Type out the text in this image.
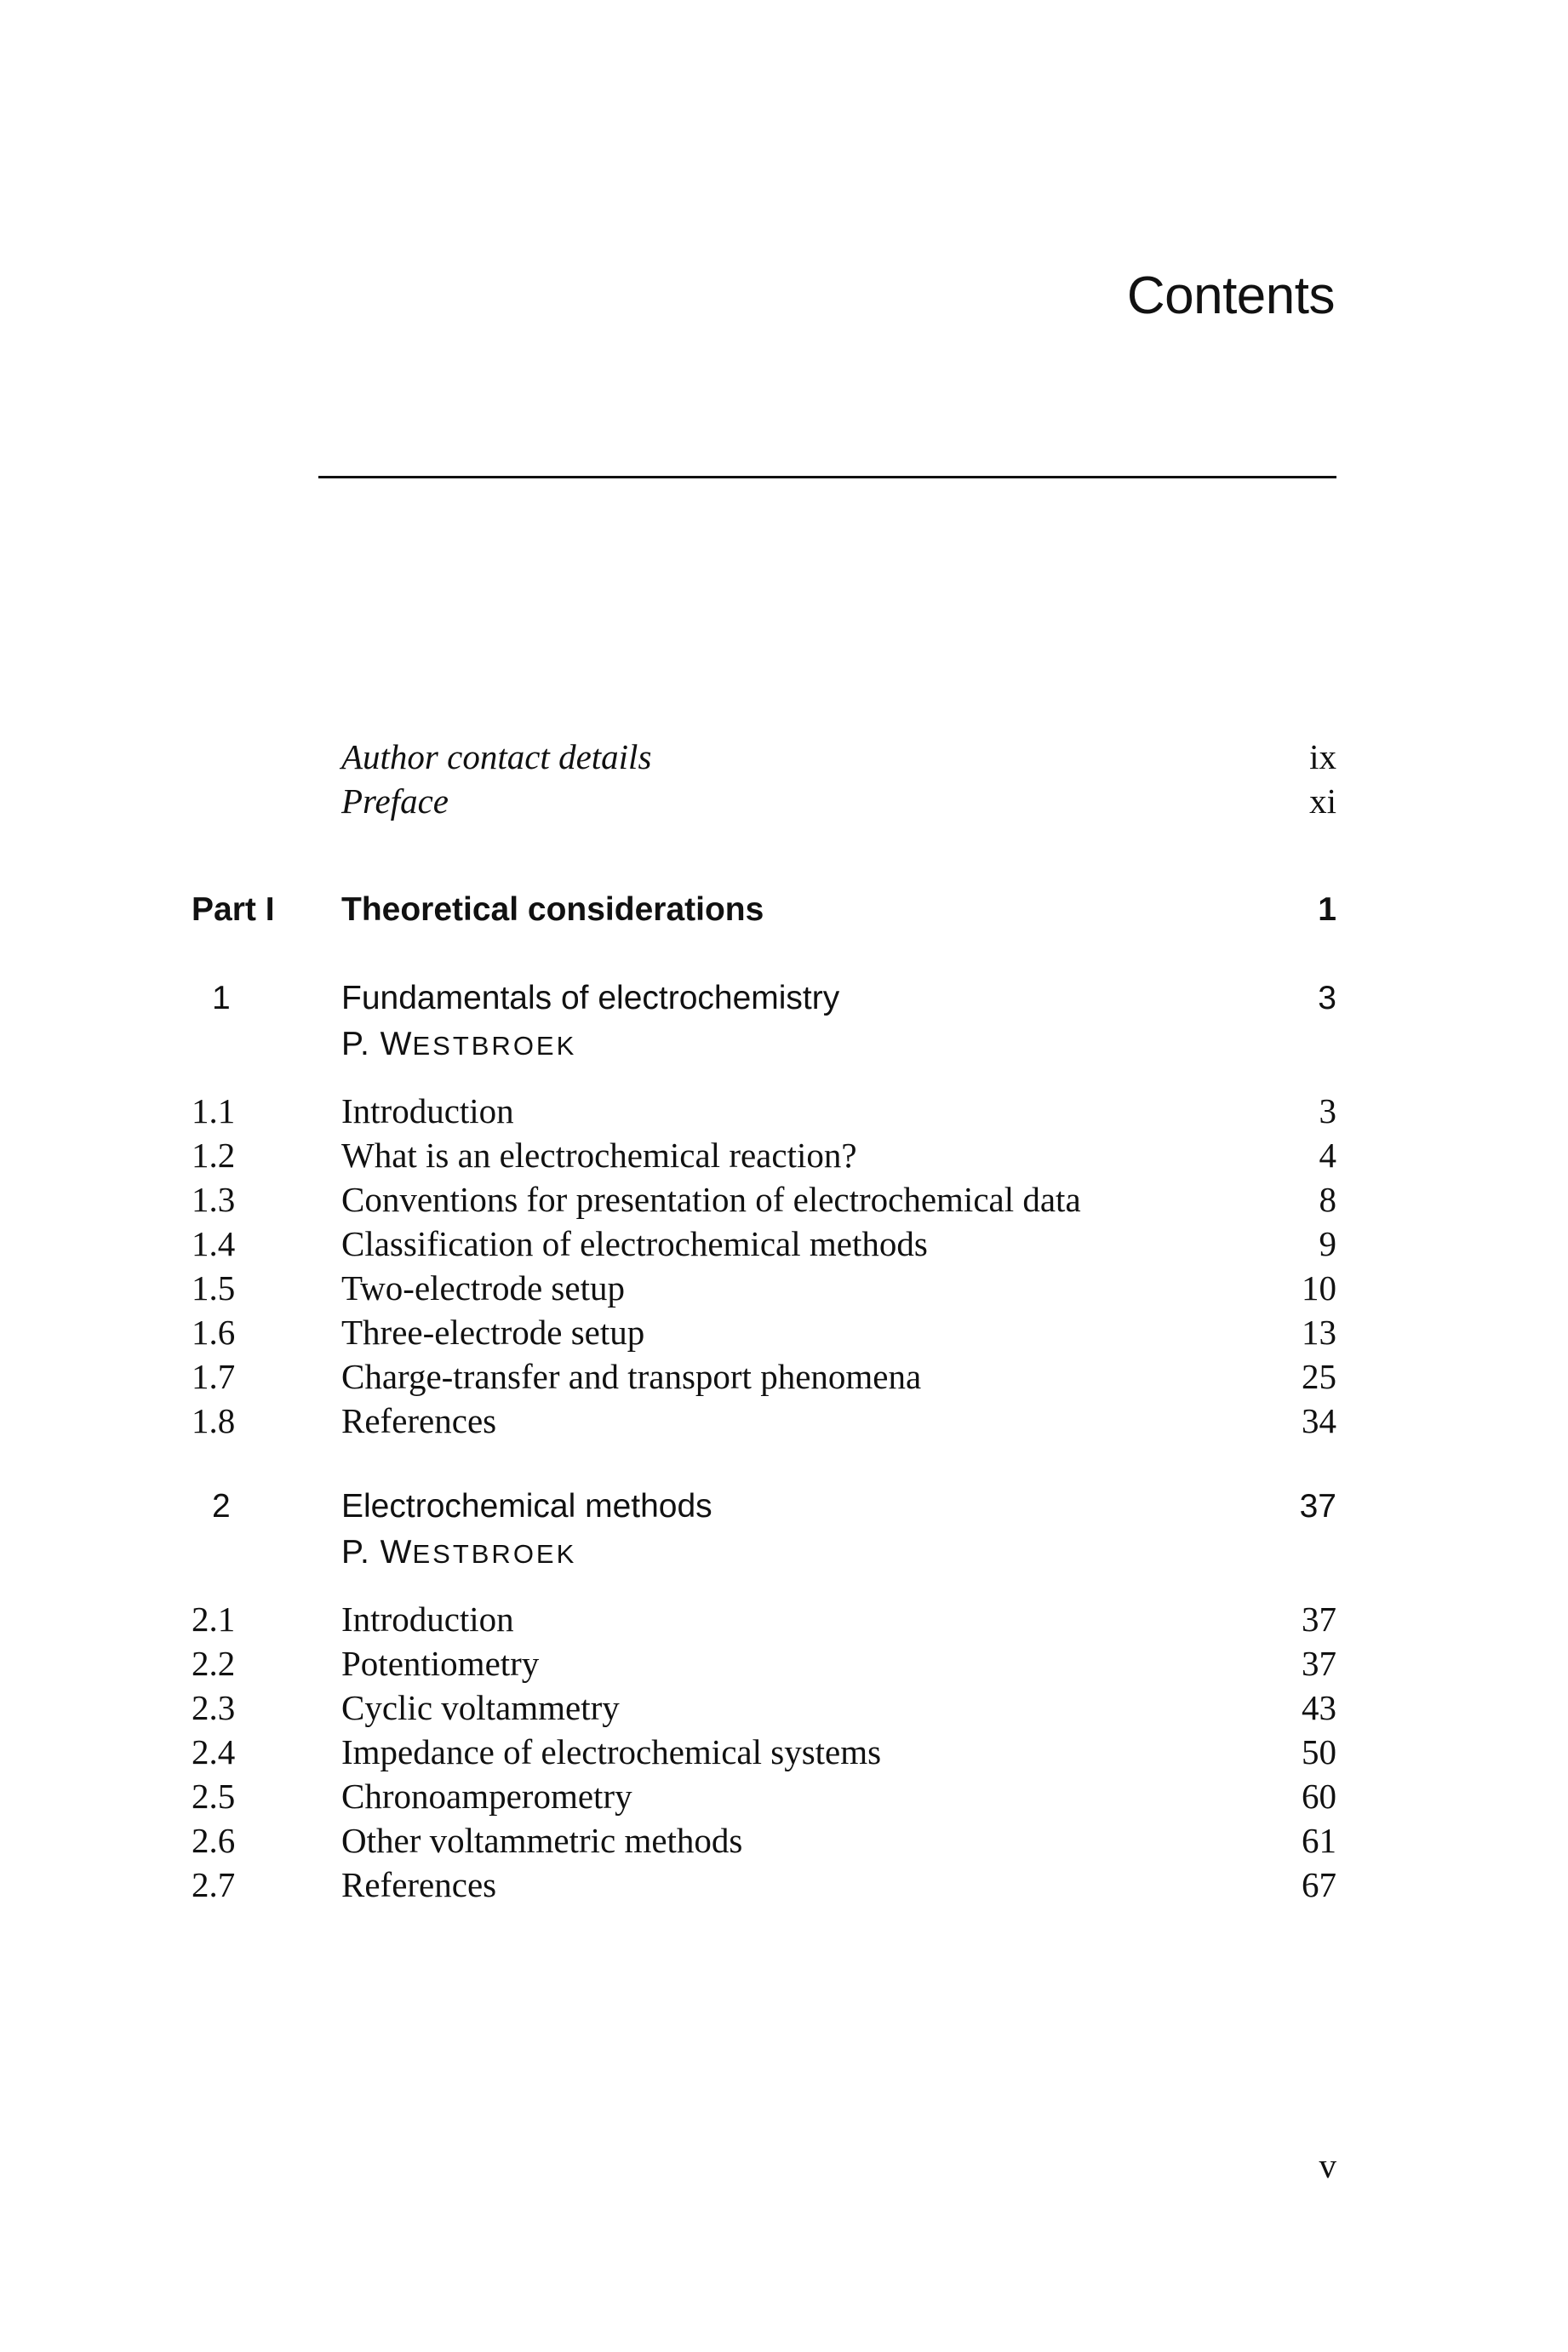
Contents
Author contact details	ix
Preface	xi
Part I Theoretical considerations	1
1	Fundamentals of electrochemistry	3
P. WESTBROEK
1.1	Introduction	3
1.2	What is an electrochemical reaction?	4
1.3	Conventions for presentation of electrochemical data	8
1.4	Classification of electrochemical methods	9
1.5	Two-electrode setup	10
1.6	Three-electrode setup	13
1.7	Charge-transfer and transport phenomena	25
1.8	References	34
2	Electrochemical methods	37
P. WESTBROEK
2.1	Introduction	37
2.2	Potentiometry	37
2.3	Cyclic voltammetry	43
2.4	Impedance of electrochemical systems	50
2.5	Chronoamperometry	60
2.6	Other voltammetric methods	61
2.7	References	67
v
